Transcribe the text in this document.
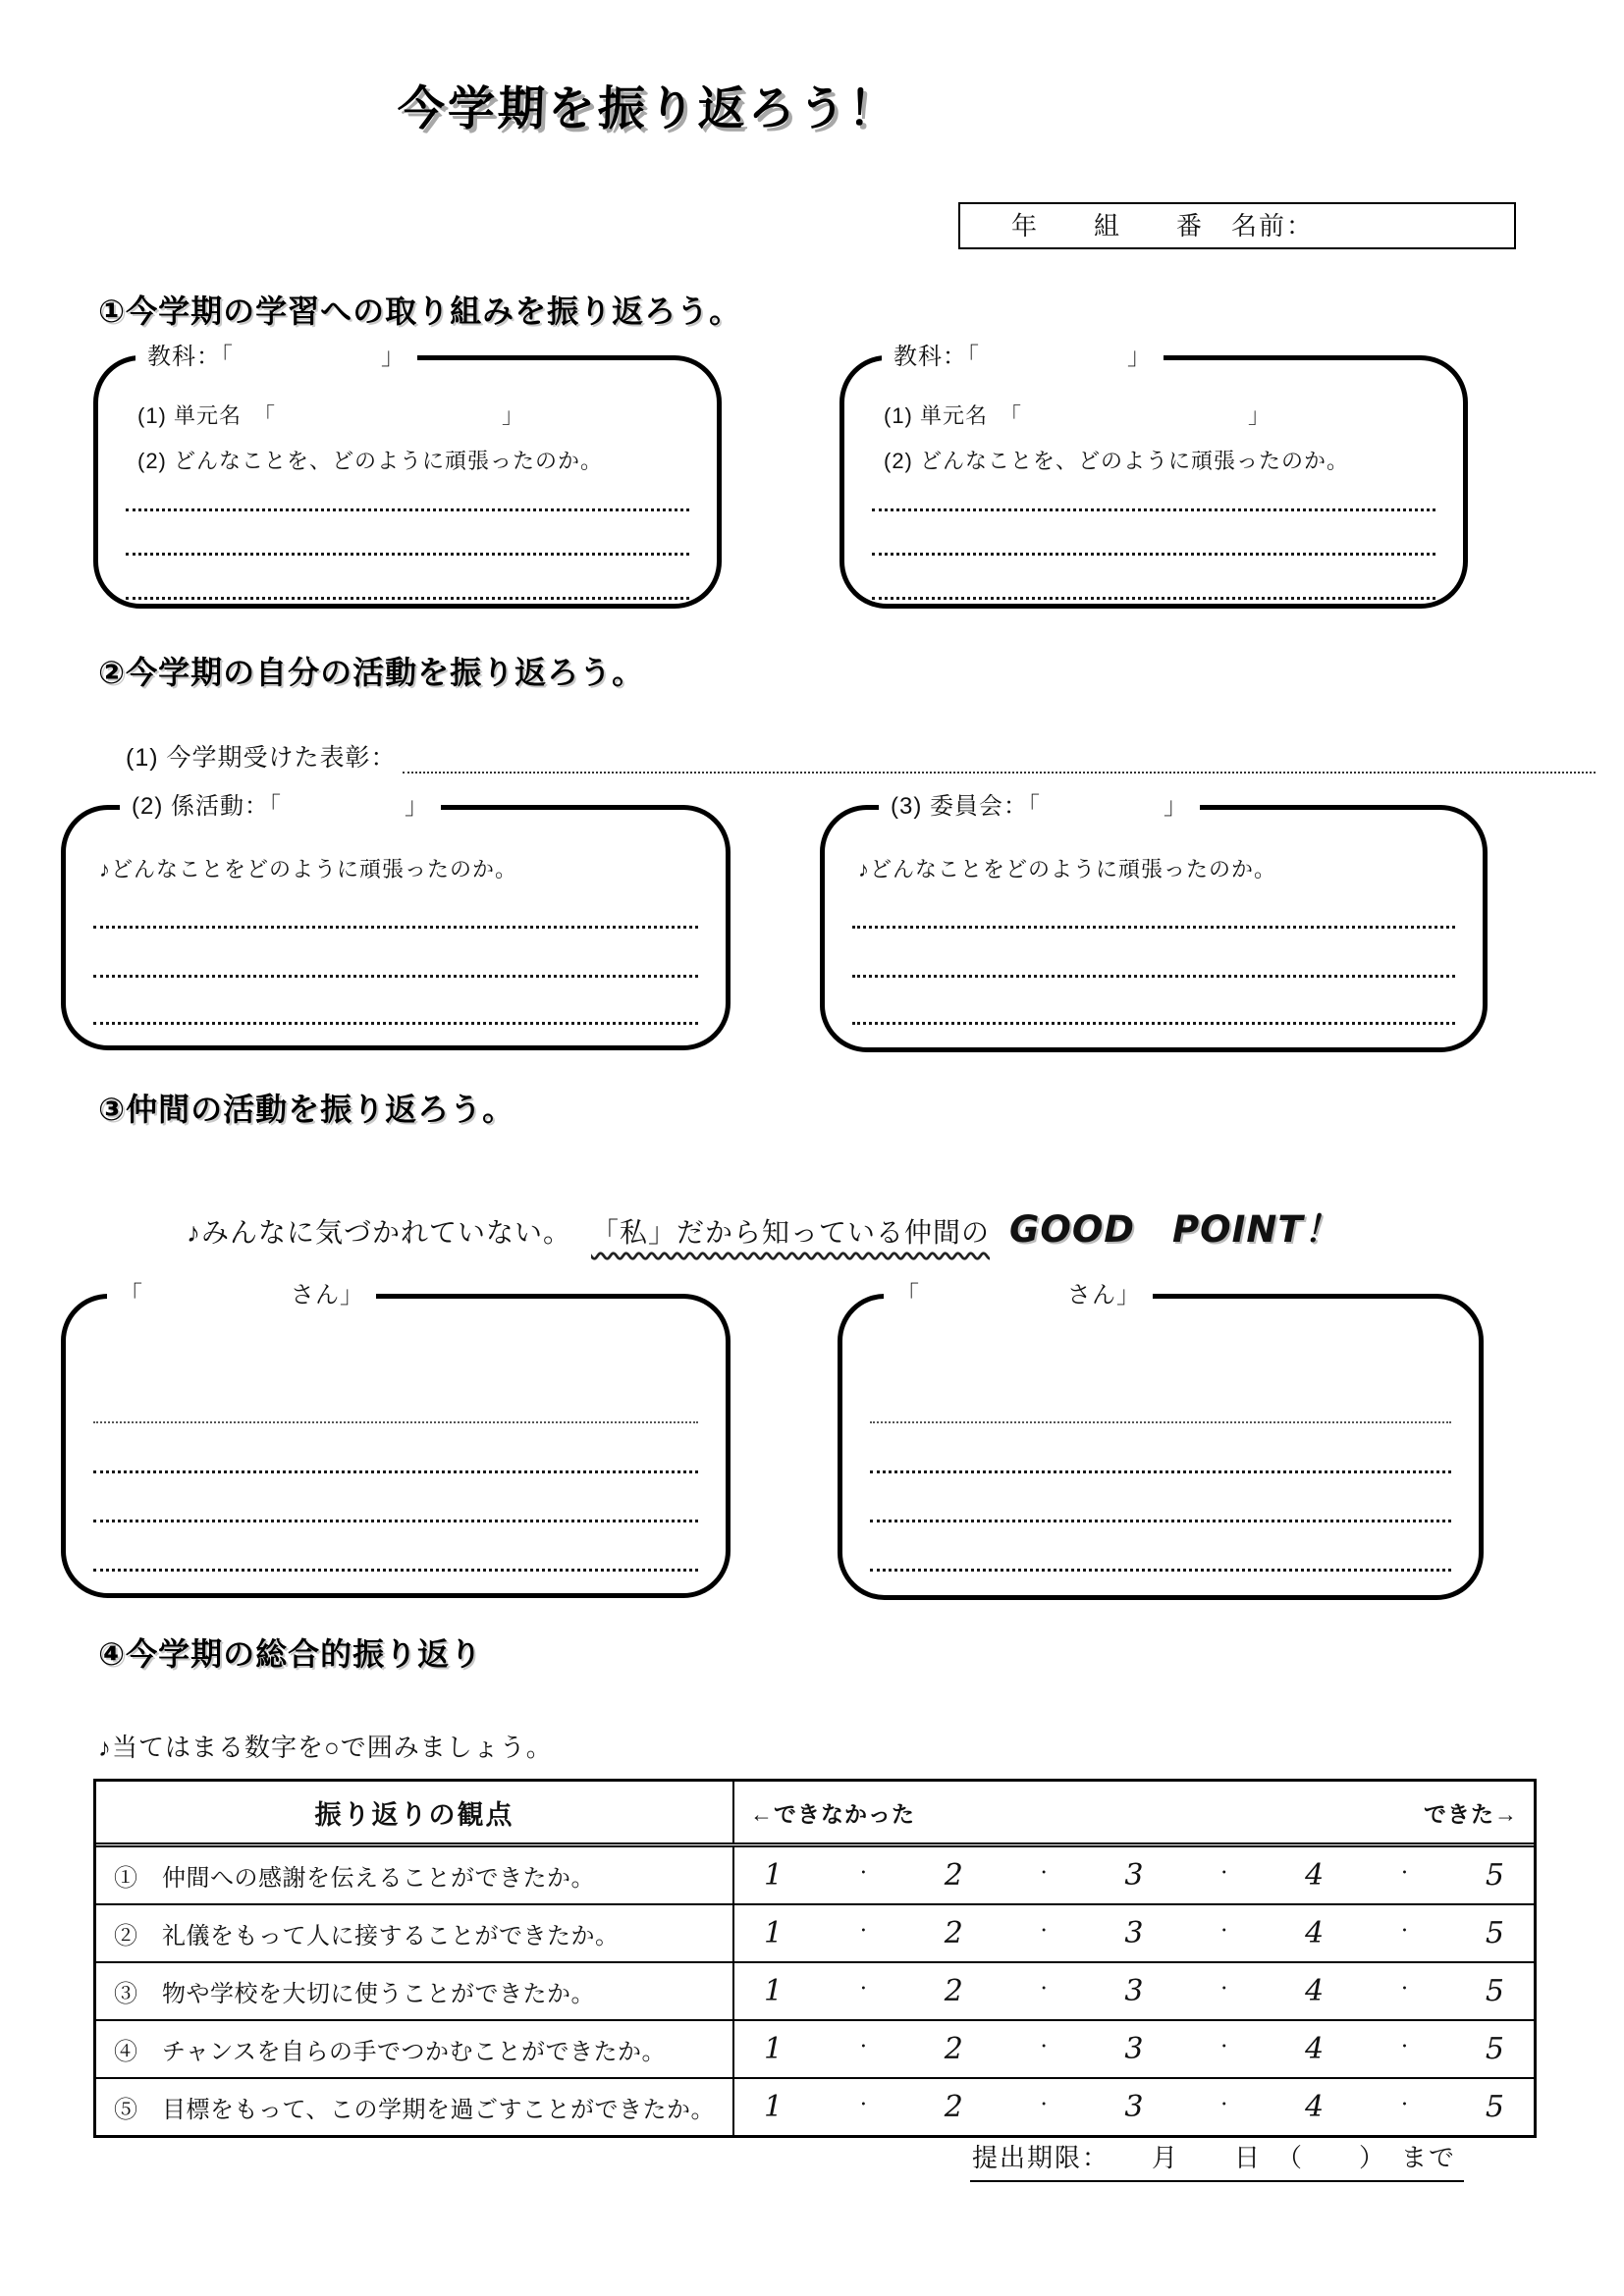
今学期を振り返ろう！
年　　組　　番　名前：
①今学期の学習への取り組みを振り返ろう。
教科：「　　　　　　」
(1) 単元名　「　　　　　　　　　　」
(2) どんなことを、どのように頑張ったのか。
教科：「　　　　　　」
(1) 単元名　「　　　　　　　　　　」
(2) どんなことを、どのように頑張ったのか。
②今学期の自分の活動を振り返ろう。
(1) 今学期受けた表彰：
(2) 係活動：「　　　　　」
♪どんなことをどのように頑張ったのか。
(3) 委員会：「　　　　　」
♪どんなことをどのように頑張ったのか。
③仲間の活動を振り返ろう。
♪みんなに気づかれていない。 「私」だから知っている仲間の GOOD　POINT！
「　　　　　　さん」	「　　　　　　さん」
④今学期の総合的振り返り
♪当てはまる数字を○で囲みましょう。
振り返りの観点	←できなかった	できた→
①　仲間への感謝を伝えることができたか。	1	・ 2	・ 3	・ 4	・ 5
②　礼儀をもって人に接することができたか。	1	・ 2	・ 3	・ 4	・ 5
③　物や学校を大切に使うことができたか。	1	・ 2	・ 3	・ 4	・ 5
④　チャンスを自らの手でつかむことができたか。	1	・ 2	・ 3	・ 4	・ 5
⑤　目標をもって、この学期を過ごすことができたか。	1	・ 2	・ 3	・ 4	・ 5
提出期限：　　月　　日　（　　）　まで
